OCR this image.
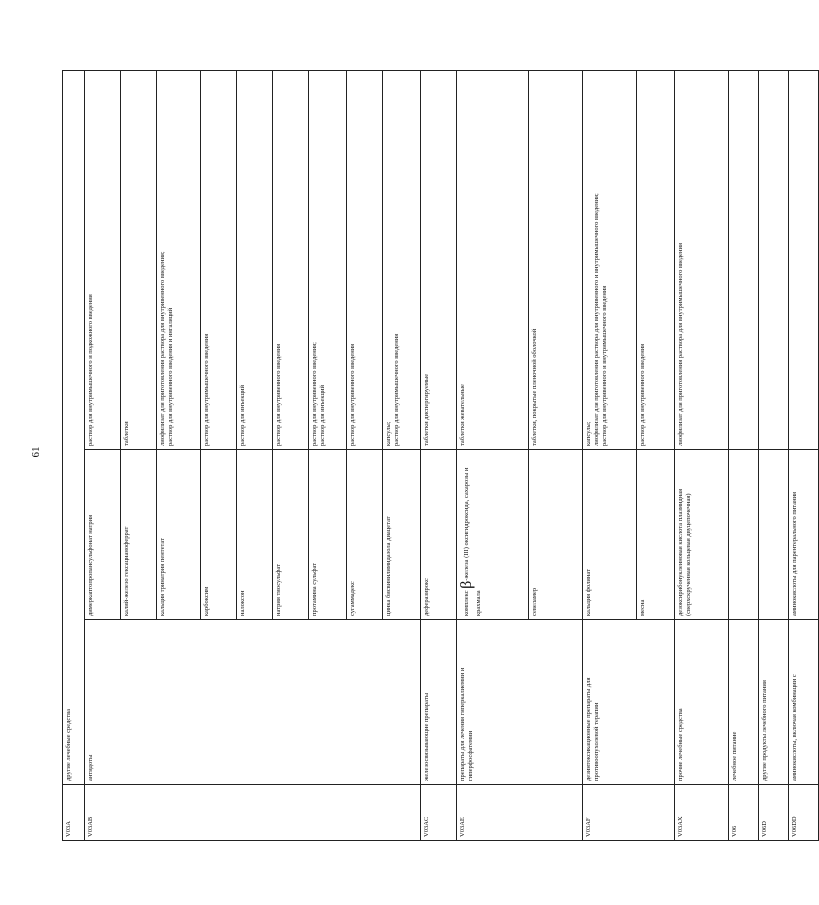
61
V03A	другие лечебные средства		
V03AB	антидоты	димеркаптопропансульфонат натрия	раствор для внутримышечного и подкожного введения
		калий-железо гексацианоферрат	таблетки
		кальция тринатрия пентетат	лиофилизат для приготовления раствора для внутривенного введения; раствор для внутривенного введения и ингаляций

		карбоксим	раствор для внутримышечного введения
		налоксон	раствор для инъекций
		натрия тиосульфат	раствор для внутривенного введения
		протамина сульфат	раствор для внутривенного введения; раствор для инъекций

		сугаммадекс	раствор для внутривенного введения
		цинка бисвинилимидазола диацетат	капсулы; раствор для внутримышечного введения

V03AC	железосвязывающие препараты	деферазирокс	таблетки диспергируемые
V03AE	препараты для лечения гиперкалиемии и гиперфосфатемии	комплекс β-железа (III) оксигидроксида, сахарозы и крахмала	таблетки жевательные
		севеламер	таблетки, покрытые пленочной оболочкой
V03AF	дезинтоксикационные препараты для противоопухолевой терапии	кальция фолинат	капсулы; лиофилизат для приготовления раствора для внутривенного и внутримышечного введения; раствор для внутривенного и внутримышечного введения

		месна	раствор для внутривенного введения
V03AX	прочие лечебные средства	дезоксирибонуклеиновая кислота плазмидная (сверхскрученная кольцевая двуцепочечная)	лиофилизат для приготовления раствора для внутримышечного введения
V06	лечебное питание		
V06D	другие продукты лечебного питания		
V06DD	аминокислоты, включая комбинации с	аминокислоты для парентерального питания	
